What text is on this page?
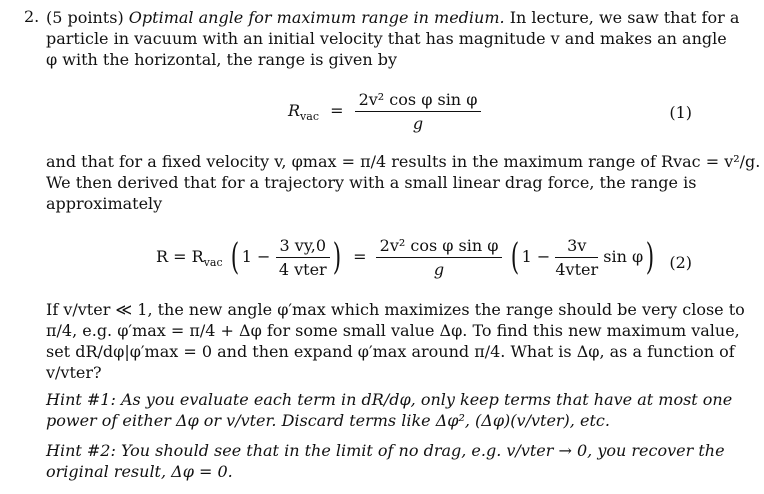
2. (5 points) Optimal angle for maximum range in medium. In lecture, we saw that for a
particle in vacuum with an initial velocity that has magnitude v and makes an angle
φ with the horizontal, the range is given by
$R_{vac} = \frac{\text{2v² cos φ sin φ}}{g}$	(1)
and that for a fixed velocity v, φmax = π/4 results in the maximum range of Rvac = v²/g.
We then derived that for a trajectory with a small linear drag force, the range is
approximately
$R = R_{vac}$ ( $1 - \frac{3 vy,0}{\text{4 vter}}$ ) = $\frac{\text{2v² cos φ sin φ}}{g}$ ( $1 - \frac{3v}{\text{4vter}}$ sin φ) (2)
If v/vter ≪ 1, the new angle φ′max which maximizes the range should be very close to
π/4, e.g. φ′max = π/4 + Δφ for some small value Δφ. To find this new maximum value,
set dR/dφ|φ′max = 0 and then expand φ′max around π/4. What is Δφ, as a function of
v/vter?
Hint #1: As you evaluate each term in dR/dφ, only keep terms that have at most one
power of either Δφ or v/vter. Discard terms like Δφ², (Δφ)(v/vter), etc.
Hint #2: You should see that in the limit of no drag, e.g. v/vter → 0, you recover the
original result, Δφ = 0.
